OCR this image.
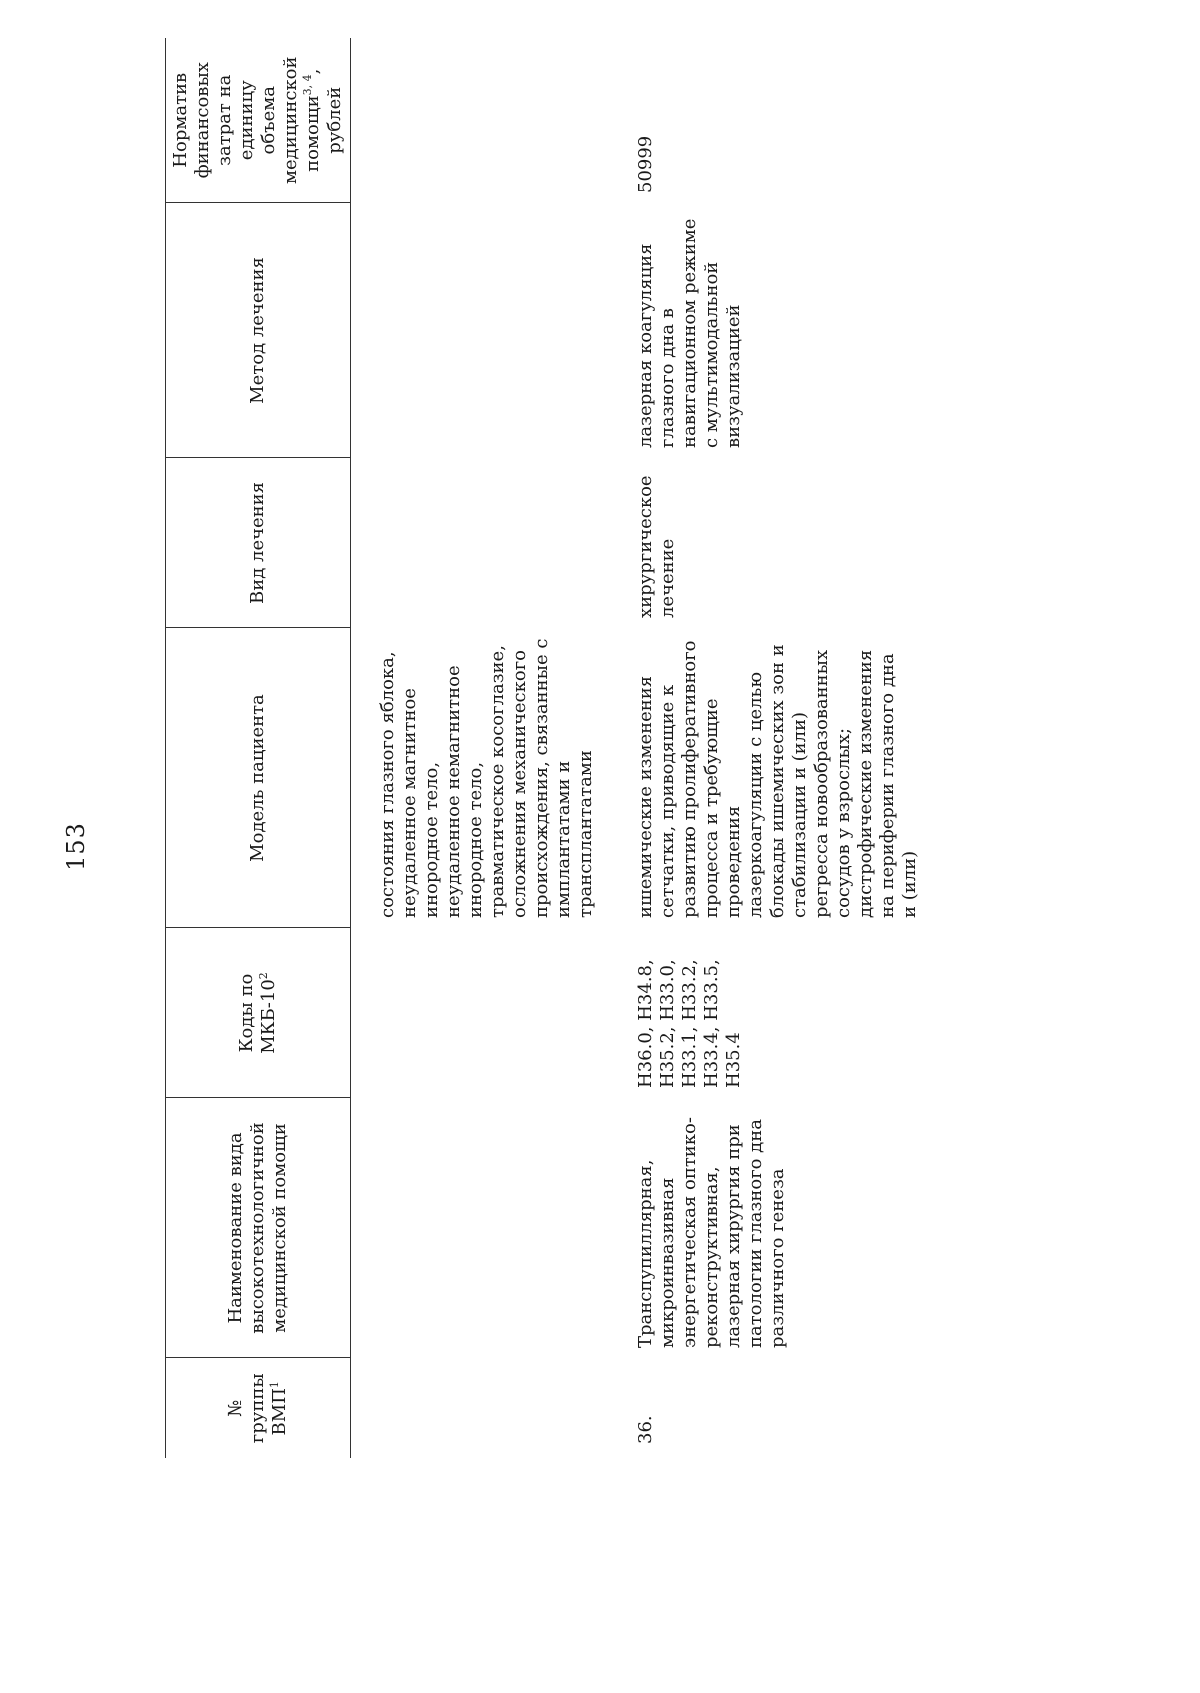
153
№ группы ВМП$^1$	Наименование вида высокотехнологичной медицинской помощи	Коды по МКБ-$10^2$	Модель пациента	Вид лечения	Метод лечения	Норматив финансовых затрат на единицу объема медицинской помощи$^{3, 4}$, рублей
			состояния глазного яблока, неудаленное магнитное инородное тело, неудаленное немагнитное инородное тело, травматическое косоглазие, осложнения механического происхождения, связанные с имплантатами и трансплантатами			
36.	Транспупиллярная, микроинвазивная энергетическая оптико-реконструктивная, лазерная хирургия при патологии глазного дна различного генеза	H36.0, H34.8, H35.2, H33.0, H33.1, H33.2, H33.4, H33.5, H35.4	ишемические изменения сетчатки, приводящие к развитию пролиферативного процесса и требующие проведения лазеркоагуляции с целью блокады ишемических зон и стабилизации и (или) регресса новообразованных сосудов у взрослых; дистрофические изменения на периферии глазного дна и (или)	хирургическое лечение	лазерная коагуляция глазного дна в навигационном режиме с мультимодальной визуализацией	50999
